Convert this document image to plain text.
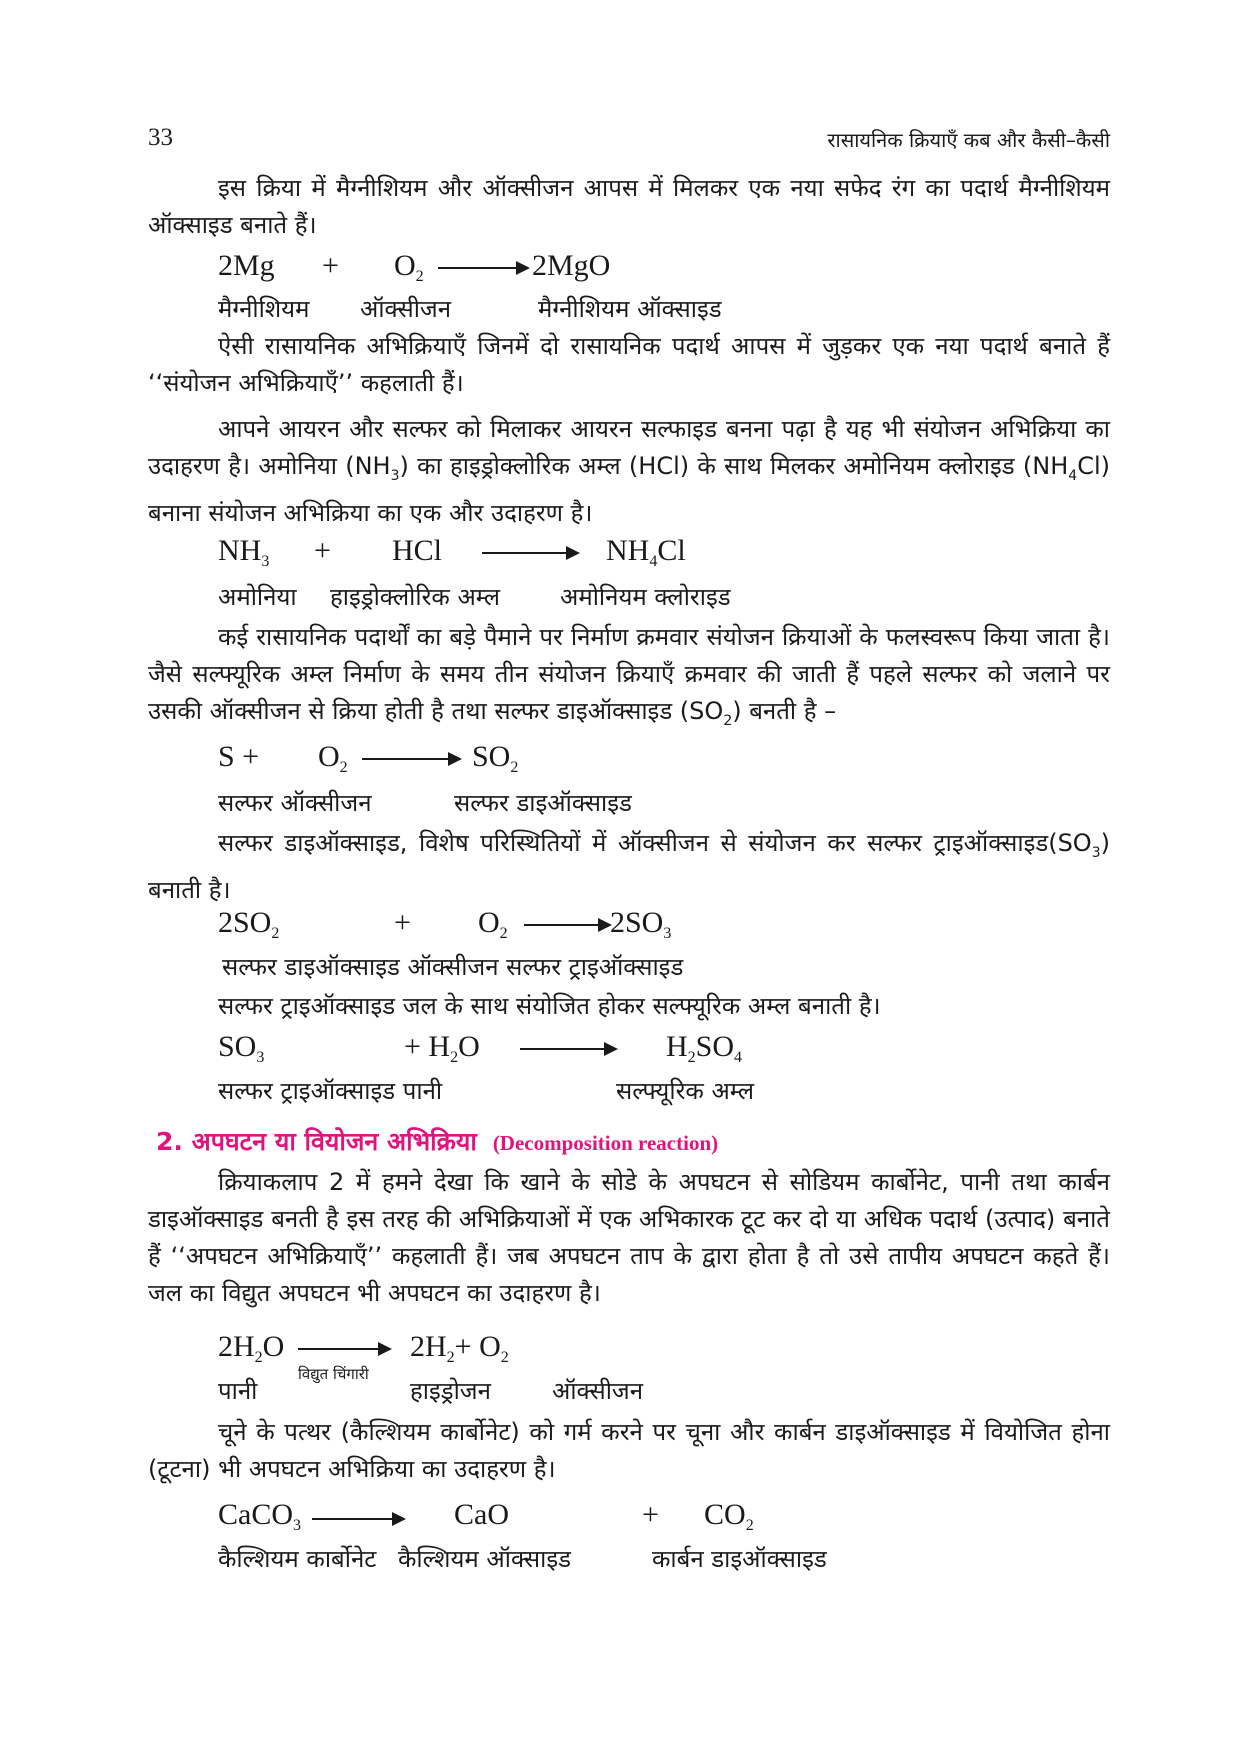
33	रासायनिक क्रियाएँ कब और कैसी–कैसी

इस क्रिया में मैग्नीशियम और ऑक्सीजन आपस में मिलकर एक नया सफेद रंग का पदार्थ मैग्नीशियम ऑक्साइड बनाते हैं।

$2Mg + O_2 \to 2MgO$
मैग्नीशियम ऑक्सीजन	मैग्नीशियम ऑक्साइड

ऐसी रासायनिक अभिक्रियाएँ जिनमें दो रासायनिक पदार्थ आपस में जुड़कर एक नया पदार्थ बनाते हैं ‘‘संयोजन अभिक्रियाएँ’’ कहलाती हैं।

आपने आयरन और सल्फर को मिलाकर आयरन सल्फाइड बनना पढ़ा है यह भी संयोजन अभिक्रिया का उदाहरण है। अमोनिया $(NH_3)$ का हाइड्रोक्लोरिक अम्ल (HCl) के साथ मिलकर अमोनियम क्लोराइड $(NH_4Cl)$ बनाना संयोजन अभिक्रिया का एक और उदाहरण है।

$NH_3$ + HCl → $NH_4Cl$
अमोनिया हाइड्रोक्लोरिक अम्ल	अमोनियम क्लोराइड

कई रासायनिक पदार्थों का बड़े पैमाने पर निर्माण क्रमवार संयोजन क्रियाओं के फलस्वरूप किया जाता है। जैसे सल्फ्यूरिक अम्ल निर्माण के समय तीन संयोजन क्रियाएँ क्रमवार की जाती हैं पहले सल्फर को जलाने पर उसकी ऑक्सीजन से क्रिया होती है तथा सल्फर डाइऑक्साइड $(SO_2)$ बनती है –

$S + O_2 \to SO_2$
सल्फर ऑक्सीजन	सल्फर डाइऑक्साइड

सल्फर डाइऑक्साइड, विशेष परिस्थितियों में ऑक्सीजन से संयोजन कर सल्फर $ट्राइऑक्साइड(SO_3)$ बनाती है।

$2SO_2$	+ $O_2 \to 2SO_3$
सल्फर डाइऑक्साइड ऑक्सीजन सल्फर ट्राइऑक्साइड

सल्फर ट्राइऑक्साइड जल के साथ संयोजित होकर सल्फ्यूरिक अम्ल बनाती है।

$SO_3$	+ $H_2O \to H_2SO_4$
सल्फर ट्राइऑक्साइड पानी	सल्फ्यूरिक अम्ल
2. अपघटन या वियोजन अभिक्रिया (Decomposition reaction)

क्रियाकलाप 2 में हमने देखा कि खाने के सोडे के अपघटन से सोडियम कार्बोनेट, पानी तथा कार्बन डाइऑक्साइड बनती है इस तरह की अभिक्रियाओं में एक अभिकारक टूट कर दो या अधिक पदार्थ (उत्पाद) बनाते हैं ‘‘अपघटन अभिक्रियाएँ’’ कहलाती हैं। जब अपघटन ताप के द्वारा होता है तो उसे तापीय अपघटन कहते हैं। जल का विद्युत अपघटन भी अपघटन का उदाहरण है।

$2H_2O \to 2H_2+ O_2$
पानी
विद्युत चिंगारी
हाइड्रोजन	ऑक्सीजन

चूने के पत्थर (कैल्शियम कार्बोनेट) को गर्म करने पर चूना और कार्बन डाइऑक्साइड में वियोजित होना (टूटना) भी अपघटन अभिक्रिया का उदाहरण है।

CaCO$_3$ → CaO	+ $CO_2$
कैल्शियम कार्बोनेट कैल्शियम ऑक्साइड	कार्बन डाइऑक्साइड
